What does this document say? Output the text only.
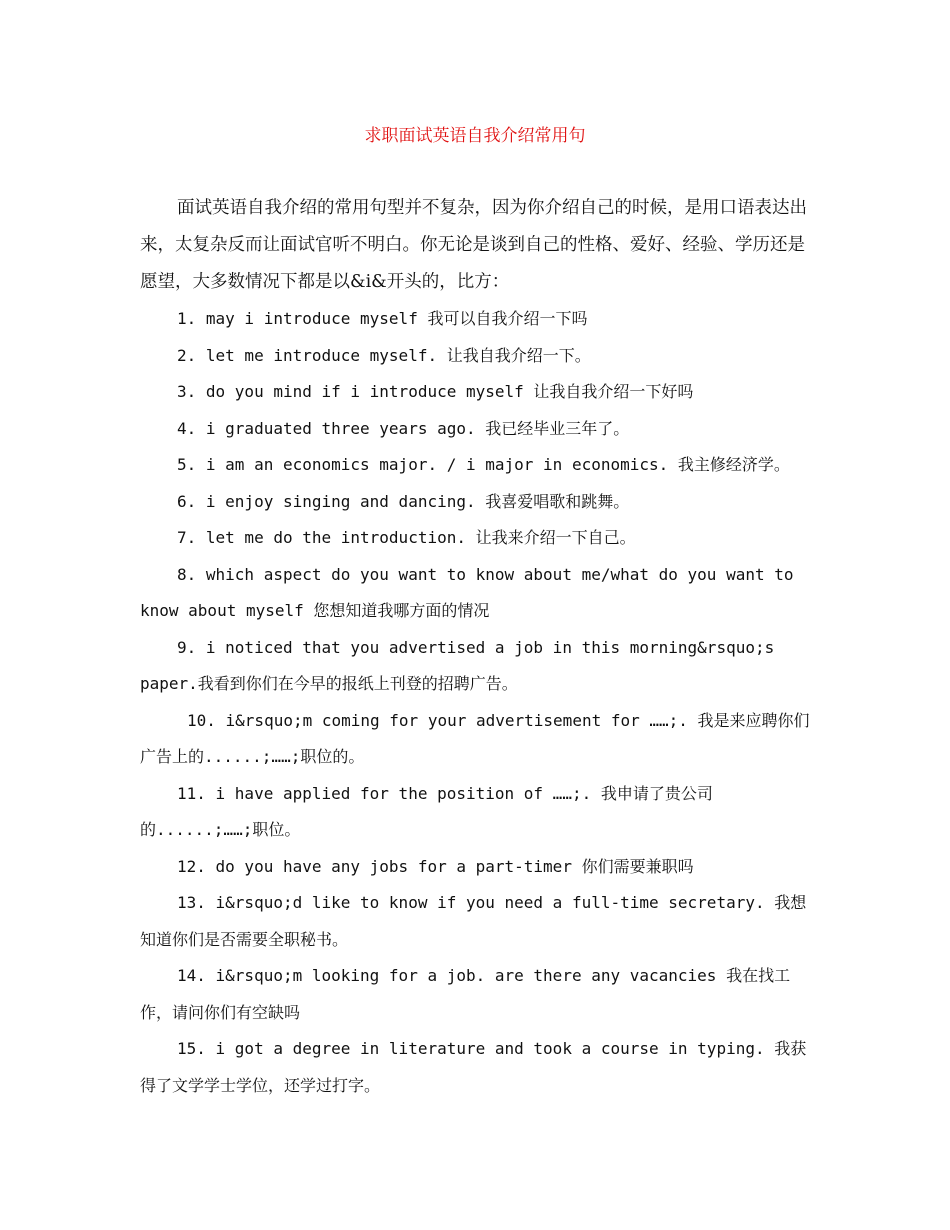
求职面试英语自我介绍常用句

面试英语自我介绍的常用句型并不复杂，因为你介绍自己的时候，是用口语表达出来，太复杂反而让面试官听不明白。你无论是谈到自己的性格、爱好、经验、学历还是愿望，大多数情况下都是以&i&开头的，比方：

1. may i introduce myself 我可以自我介绍一下吗

2. let me introduce myself. 让我自我介绍一下。

3. do you mind if i introduce myself 让我自我介绍一下好吗

4. i graduated three years ago. 我已经毕业三年了。

5. i am an economics major. / i major in economics. 我主修经济学。

6. i enjoy singing and dancing. 我喜爱唱歌和跳舞。

7. let me do the introduction. 让我来介绍一下自己。

8. which aspect do you want to know about me/what do you want to know about myself 您想知道我哪方面的情况

9. i noticed that you advertised a job in this morning&rsquo;s paper.我看到你们在今早的报纸上刊登的招聘广告。

10. i&rsquo;m coming for your advertisement for ……;. 我是来应聘你们广告上的......;……;职位的。

11. i have applied for the position of ……;. 我申请了贵公司的......;……;职位。

12. do you have any jobs for a part-timer 你们需要兼职吗

13. i&rsquo;d like to know if you need a full-time secretary. 我想知道你们是否需要全职秘书。

14. i&rsquo;m looking for a job. are there any vacancies 我在找工作，请问你们有空缺吗

15. i got a degree in literature and took a course in typing. 我获得了文学学士学位，还学过打字。
